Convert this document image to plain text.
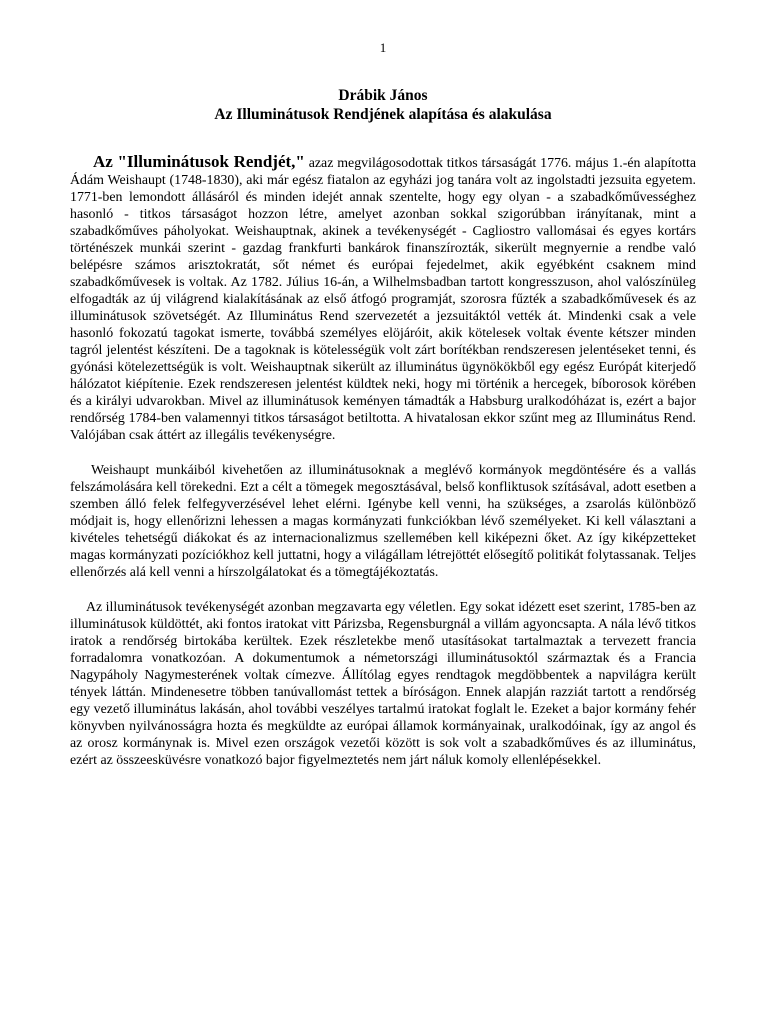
1
Drábik János
Az Illuminátusok Rendjének alapítása és alakulása

Az "Illuminátusok Rendjét," azaz megvilágosodottak titkos társaságát 1776. május 1.-én alapította Ádám Weishaupt (1748-1830), aki már egész fiatalon az egyházi jog tanára volt az ingolstadti jezsuita egyetem. 1771-ben lemondott állásáról és minden idejét annak szentelte, hogy egy olyan - a szabadkőművességhez hasonló - titkos társaságot hozzon létre, amelyet azonban sokkal szigorúbban irányítanak, mint a szabadkőműves páholyokat. Weishauptnak, akinek a tevékenységét - Cagliostro vallomásai és egyes kortárs történészek munkái szerint - gazdag frankfurti bankárok finanszírozták, sikerült megnyernie a rendbe való belépésre számos arisztokratát, sőt német és európai fejedelmet, akik egyébként csaknem mind szabadkőművesek is voltak. Az 1782. Július 16-án, a Wilhelmsbadban tartott kongresszuson, ahol valószínüleg elfogadták az új világrend kialakításának az első átfogó programját, szorosra fűzték a szabadkőművesek és az illuminátusok szövetségét. Az Illuminátus Rend szervezetét a jezsuitáktól vették át. Mindenki csak a vele hasonló fokozatú tagokat ismerte, továbbá személyes elöjáróit, akik kötelesek voltak évente kétszer minden tagról jelentést készíteni. De a tagoknak is kötelességük volt zárt borítékban rendszeresen jelentéseket tenni, és gyónási kötelezettségük is volt. Weishauptnak sikerült az illuminátus ügynökökből egy egész Európát kiterjedő hálózatot kiépítenie. Ezek rendszeresen jelentést küldtek neki, hogy mi történik a hercegek, bíborosok körében és a királyi udvarokban. Mivel az illuminátusok keményen támadták a Habsburg uralkodóházat is, ezért a bajor rendőrség 1784-ben valamennyi titkos társaságot betiltotta. A hivatalosan ekkor szűnt meg az Illuminátus Rend. Valójában csak áttért az illegális tevékenységre.

Weishaupt munkáiból kivehetően az illuminátusoknak a meglévő kormányok megdöntésére és a vallás felszámolására kell törekedni. Ezt a célt a tömegek megosztásával, belső konfliktusok szításával, adott esetben a szemben álló felek felfegyverzésével lehet elérni. Igénybe kell venni, ha szükséges, a zsarolás különböző módjait is, hogy ellenőrizni lehessen a magas kormányzati funkciókban lévő személyeket. Ki kell választani a kivételes tehetségű diákokat és az internacionalizmus szellemében kell kiképezni őket. Az így kiképzetteket magas kormányzati pozíciókhoz kell juttatni, hogy a világállam létrejöttét elősegítő politikát folytassanak. Teljes ellenőrzés alá kell venni a hírszolgálatokat és a tömegtájékoztatás.

Az illuminátusok tevékenységét azonban megzavarta egy véletlen. Egy sokat idézett eset szerint, 1785-ben az illuminátusok küldöttét, aki fontos iratokat vitt Párizsba, Regensburgnál a villám agyoncsapta. A nála lévő titkos iratok a rendőrség birtokába kerültek. Ezek részletekbe menő utasításokat tartalmaztak a tervezett francia forradalomra vonatkozóan. A dokumentumok a németországi illuminátusoktól származtak és a Francia Nagypáholy Nagymesterének voltak címezve. Állítólag egyes rendtagok megdöbbentek a napvilágra került tények láttán. Mindenesetre többen tanúvallomást tettek a bíróságon. Ennek alapján razziát tartott a rendőrség egy vezető illuminátus lakásán, ahol további veszélyes tartalmú iratokat foglalt le. Ezeket a bajor kormány fehér könyvben nyilvánosságra hozta és megküldte az európai államok kormányainak, uralkodóinak, így az angol és az orosz kormánynak is. Mivel ezen országok vezetői között is sok volt a szabadkőműves és az illuminátus, ezért az összeesküvésre vonatkozó bajor figyelmeztetés nem járt náluk komoly ellenlépésekkel.
